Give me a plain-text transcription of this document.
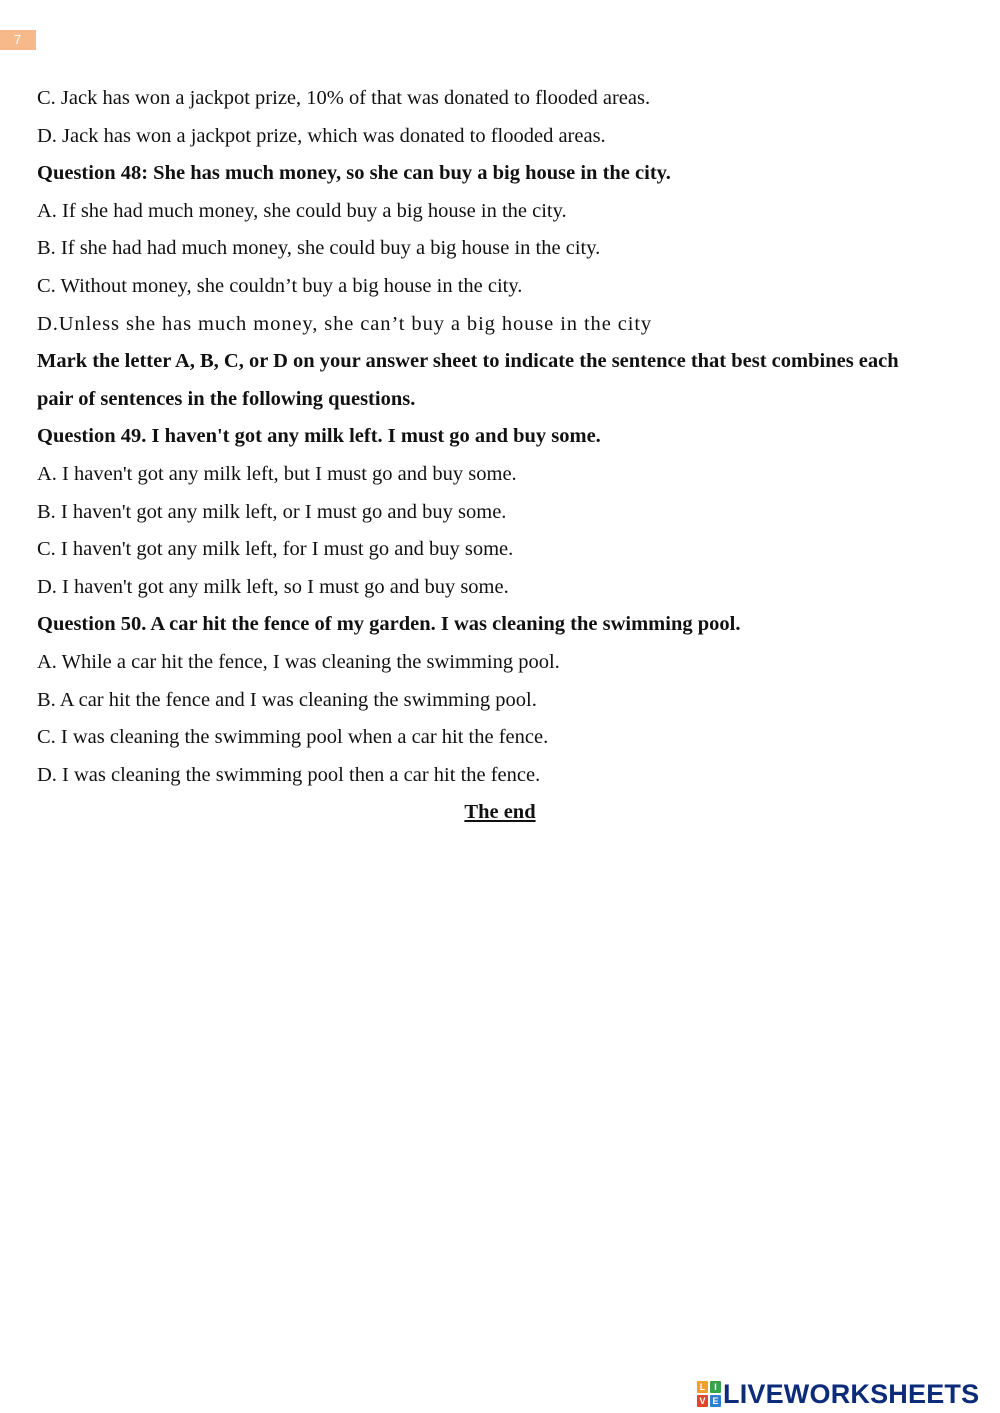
7
C. Jack has won a jackpot prize, 10% of that was donated to flooded areas.
D. Jack has won a jackpot prize, which was donated to flooded areas.
Question 48: She has much money, so she can buy a big house in the city.
A. If she had much money, she could buy a big house in the city.
B. If she had had much money, she could buy a big house in the city.
C. Without money, she couldn’t buy a big house in the city.
D.Unless she has much money, she can’t buy a big house in the city
Mark the letter A, B, C, or D on your answer sheet to indicate the sentence that best combines each
pair of sentences in the following questions.
Question 49. I haven't got any milk left. I must go and buy some.
A. I haven't got any milk left, but I must go and buy some.
B. I haven't got any milk left, or I must go and buy some.
C. I haven't got any milk left, for I must go and buy some.
D. I haven't got any milk left, so I must go and buy some.
Question 50. A car hit the fence of my garden. I was cleaning the swimming pool.
A. While a car hit the fence, I was cleaning the swimming pool.
B. A car hit the fence and I was cleaning the swimming pool.
C. I was cleaning the swimming pool when a car hit the fence.
D. I was cleaning the swimming pool then a car hit the fence.
The end
L I
V E LIVEWORKSHEETS
